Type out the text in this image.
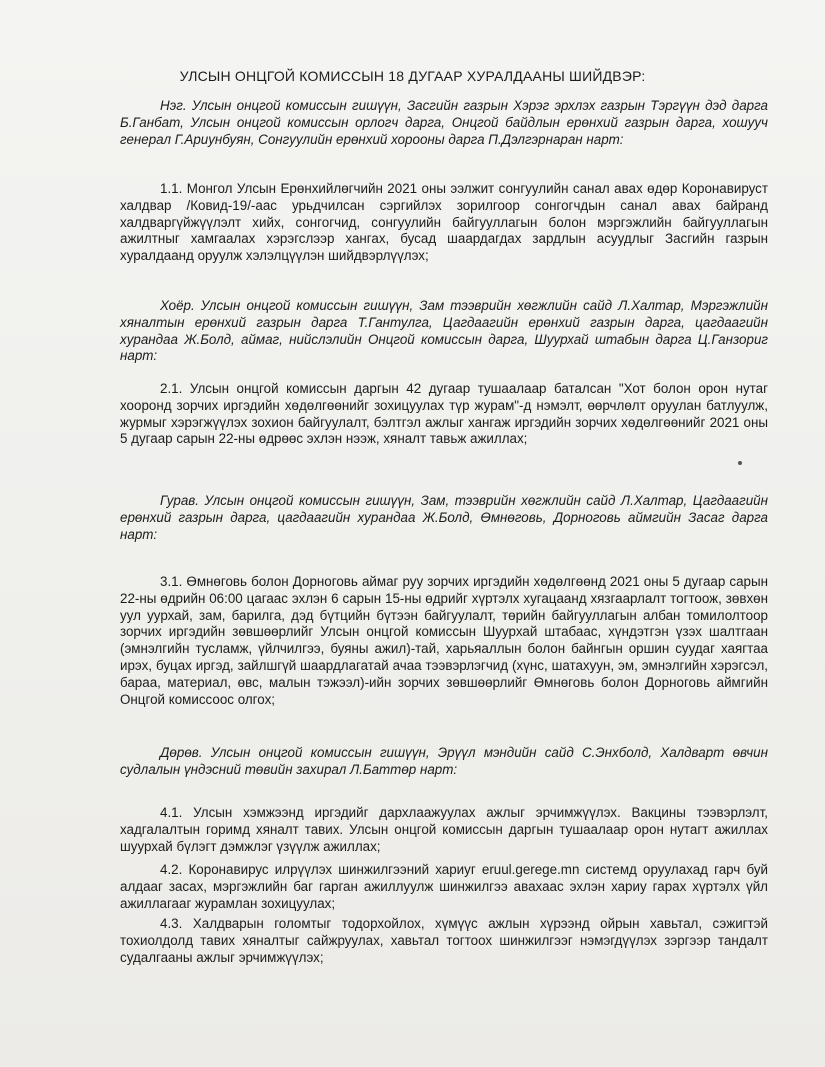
УЛСЫН ОНЦГОЙ КОМИССЫН 18 ДУГААР ХУРАЛДААНЫ ШИЙДВЭР:

Нэг. Улсын онцгой комиссын гишүүн, Засгийн газрын Хэрэг эрхлэх газрын Тэргүүн дэд дарга Б.Ганбат, Улсын онцгой комиссын орлогч дарга, Онцгой байдлын ерөнхий газрын дарга, хошууч генерал Г.Ариунбуян, Сонгуулийн ерөнхий хорооны дарга П.Дэлгэрнаран нарт:

1.1. Монгол Улсын Ерөнхийлөгчийн 2021 оны ээлжит сонгуулийн санал авах өдөр Коронавируст халдвар /Ковид-19/-аас урьдчилсан сэргийлэх зорилгоор сонгогчдын санал авах байранд халдваргүйжүүлэлт хийх, сонгогчид, сонгуулийн байгууллагын болон мэргэжлийн байгууллагын ажилтныг хамгаалах хэрэгслээр хангах, бусад шаардагдах зардлын асуудлыг Засгийн газрын хуралдаанд оруулж хэлэлцүүлэн шийдвэрлүүлэх;

Хоёр. Улсын онцгой комиссын гишүүн, Зам тээврийн хөгжлийн сайд Л.Халтар, Мэргэжлийн хяналтын ерөнхий газрын дарга Т.Гантулга, Цагдаагийн ерөнхий газрын дарга, цагдаагийн хурандаа Ж.Болд, аймаг, нийслэлийн Онцгой комиссын дарга, Шуурхай штабын дарга Ц.Ганзориг нарт:

2.1. Улсын онцгой комиссын даргын 42 дугаар тушаалаар баталсан "Хот болон орон нутаг хооронд зорчих иргэдийн хөдөлгөөнийг зохицуулах түр журам"-д нэмэлт, өөрчлөлт оруулан батлуулж, журмыг хэрэгжүүлэх зохион байгуулалт, бэлтгэл ажлыг хангаж иргэдийн зорчих хөдөлгөөнийг 2021 оны 5 дугаар сарын 22-ны өдрөөс эхлэн нээж, хяналт тавьж ажиллах;

Гурав. Улсын онцгой комиссын гишүүн, Зам, тээврийн хөгжлийн сайд Л.Халтар, Цагдаагийн ерөнхий газрын дарга, цагдаагийн хурандаа Ж.Болд, Өмнөговь, Дорноговь аймгийн Засаг дарга нарт:

3.1. Өмнөговь болон Дорноговь аймаг руу зорчих иргэдийн хөдөлгөөнд 2021 оны 5 дугаар сарын 22-ны өдрийн 06:00 цагаас эхлэн 6 сарын 15-ны өдрийг хүртэлх хугацаанд хязгаарлалт тогтоож, зөвхөн уул уурхай, зам, барилга, дэд бүтцийн бүтээн байгуулалт, төрийн байгууллагын албан томилолтоор зорчих иргэдийн зөвшөөрлийг Улсын онцгой комиссын Шуурхай штабаас, хүндэтгэн үзэх шалтгаан (эмнэлгийн тусламж, үйлчилгээ, буяны ажил)-тай, харьяаллын болон байнгын оршин суудаг хаягтаа ирэх, буцах иргэд, зайлшгүй шаардлагатай ачаа тээвэрлэгчид (хүнс, шатахуун, эм, эмнэлгийн хэрэгсэл, бараа, материал, өвс, малын тэжээл)-ийн зорчих зөвшөөрлийг Өмнөговь болон Дорноговь аймгийн Онцгой комиссоос олгох;

Дөрөв. Улсын онцгой комиссын гишүүн, Эрүүл мэндийн сайд С.Энхболд, Халдварт өвчин судлалын үндэсний төвийн захирал Л.Баттөр нарт:

4.1. Улсын хэмжээнд иргэдийг дархлаажуулах ажлыг эрчимжүүлэх. Вакцины тээвэрлэлт, хадгалалтын горимд хяналт тавих. Улсын онцгой комиссын даргын тушаалаар орон нутагт ажиллах шуурхай бүлэгт дэмжлэг үзүүлж ажиллах;

4.2. Коронавирус илрүүлэх шинжилгээний хариуг eruul.gerege.mn системд оруулахад гарч буй алдааг засах, мэргэжлийн баг гарган ажиллуулж шинжилгээ авахаас эхлэн хариу гарах хүртэлх үйл ажиллагааг журамлан зохицуулах;

4.3. Халдварын голомтыг тодорхойлох, хүмүүс ажлын хүрээнд ойрын хавьтал, сэжигтэй тохиолдолд тавих хяналтыг сайжруулах, хавьтал тогтоох шинжилгээг нэмэгдүүлэх зэргээр тандалт судалгааны ажлыг эрчимжүүлэх;
